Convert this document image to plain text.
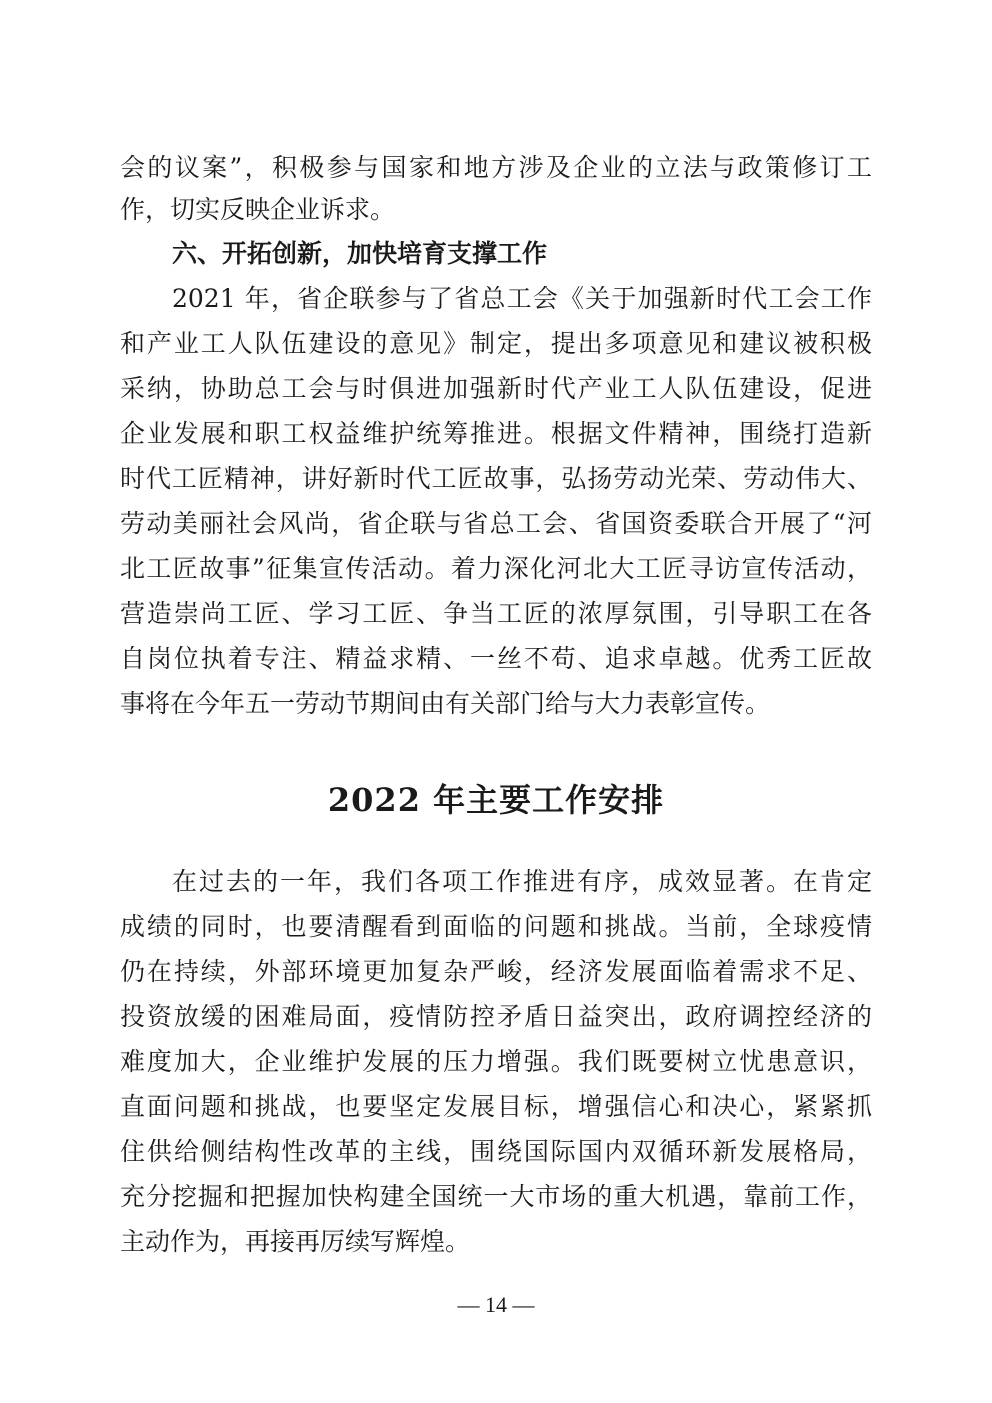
会的议案”，积极参与国家和地方涉及企业的立法与政策修订工
作，切实反映企业诉求。
六、开拓创新，加快培育支撑工作
2021 年，省企联参与了省总工会《关于加强新时代工会工作
和产业工人队伍建设的意见》制定，提出多项意见和建议被积极
采纳，协助总工会与时俱进加强新时代产业工人队伍建设，促进
企业发展和职工权益维护统筹推进。根据文件精神，围绕打造新
时代工匠精神，讲好新时代工匠故事，弘扬劳动光荣、劳动伟大、
劳动美丽社会风尚，省企联与省总工会、省国资委联合开展了“河
北工匠故事”征集宣传活动。着力深化河北大工匠寻访宣传活动，
营造崇尚工匠、学习工匠、争当工匠的浓厚氛围，引导职工在各
自岗位执着专注、精益求精、一丝不苟、追求卓越。优秀工匠故
事将在今年五一劳动节期间由有关部门给与大力表彰宣传。
2022 年主要工作安排
在过去的一年，我们各项工作推进有序，成效显著。在肯定
成绩的同时，也要清醒看到面临的问题和挑战。当前，全球疫情
仍在持续，外部环境更加复杂严峻，经济发展面临着需求不足、
投资放缓的困难局面，疫情防控矛盾日益突出，政府调控经济的
难度加大，企业维护发展的压力增强。我们既要树立忧患意识，
直面问题和挑战，也要坚定发展目标，增强信心和决心，紧紧抓
住供给侧结构性改革的主线，围绕国际国内双循环新发展格局，
充分挖掘和把握加快构建全国统一大市场的重大机遇，靠前工作，
主动作为，再接再厉续写辉煌。
— 14 —
